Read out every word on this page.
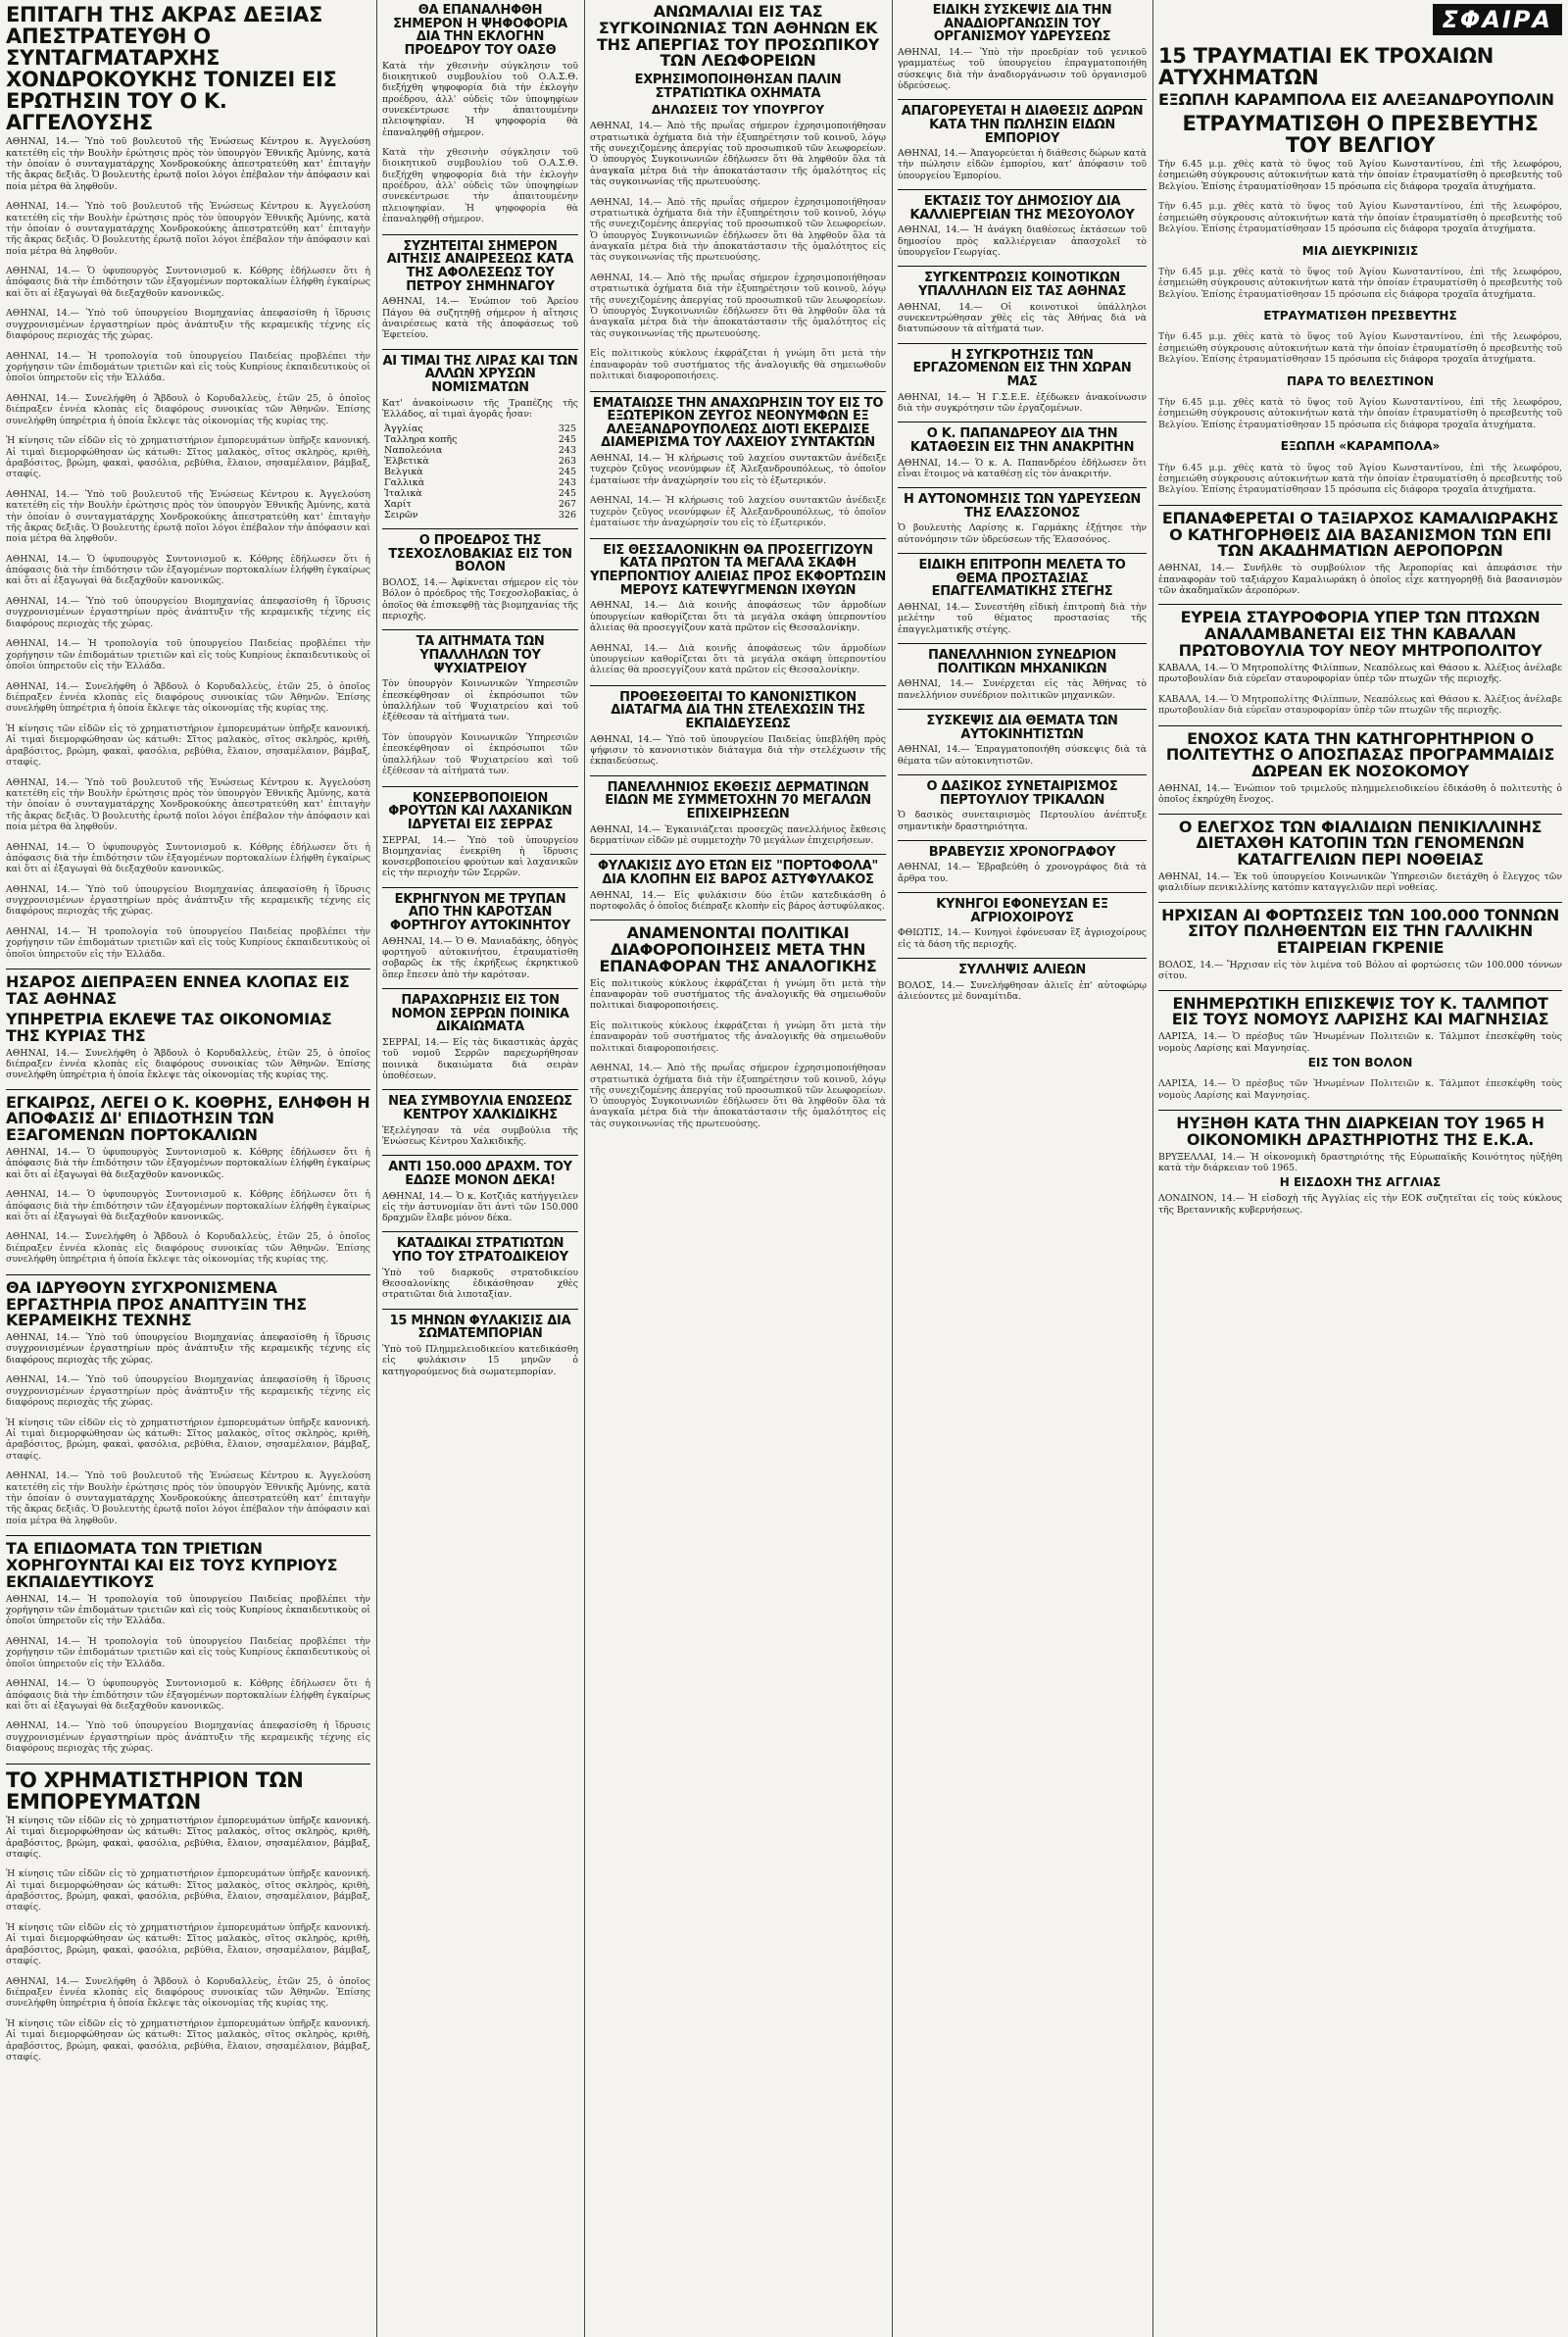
ΕΠΙΤΑΓΗ ΤΗΣ ΑΚΡΑΣ ΔΕΞΙΑΣ ΑΠΕΣΤΡΑΤΕΥΘΗ Ο ΣΥΝΤΑΓΜΑΤΑΡΧΗΣ ΧΟΝΔΡΟΚΟΥΚΗΣ ΤΟΝΙΖΕΙ ΕΙΣ ΕΡΩΤΗΣΙΝ ΤΟΥ Ο Κ. ΑΓΓΕΛΟΥΣΗΣ

ΑΘΗΝΑΙ, 14.— Ὑπὸ τοῦ βουλευτοῦ τῆς Ἑνώσεως Κέντρου κ. Ἀγγελούση κατετέθη εἰς τὴν Βουλὴν ἐρώτησις πρὸς τὸν ὑπουργὸν Ἐθνικῆς Ἀμύνης, κατὰ τὴν ὁποίαν ὁ συνταγματάρχης Χονδροκούκης ἀπεστρατεύθη κατ' ἐπιταγὴν τῆς ἄκρας δεξιᾶς. Ὁ βουλευτὴς ἐρωτᾷ ποῖοι λόγοι ἐπέβαλον τὴν ἀπόφασιν καὶ ποία μέτρα θὰ ληφθοῦν.

ΑΘΗΝΑΙ, 14.— Ὑπὸ τοῦ βουλευτοῦ τῆς Ἑνώσεως Κέντρου κ. Ἀγγελούση κατετέθη εἰς τὴν Βουλὴν ἐρώτησις πρὸς τὸν ὑπουργὸν Ἐθνικῆς Ἀμύνης, κατὰ τὴν ὁποίαν ὁ συνταγματάρχης Χονδροκούκης ἀπεστρατεύθη κατ' ἐπιταγὴν τῆς ἄκρας δεξιᾶς. Ὁ βουλευτὴς ἐρωτᾷ ποῖοι λόγοι ἐπέβαλον τὴν ἀπόφασιν καὶ ποία μέτρα θὰ ληφθοῦν.

ΑΘΗΝΑΙ, 14.— Ὁ ὑφυπουργὸς Συντονισμοῦ κ. Κόθρης ἐδήλωσεν ὅτι ἡ ἀπόφασις διὰ τὴν ἐπιδότησιν τῶν ἐξαγομένων πορτοκαλίων ἐλήφθη ἐγκαίρως καὶ ὅτι αἱ ἐξαγωγαὶ θὰ διεξαχθοῦν κανονικῶς.

ΑΘΗΝΑΙ, 14.— Ὑπὸ τοῦ ὑπουργείου Βιομηχανίας ἀπεφασίσθη ἡ ἵδρυσις συγχρονισμένων ἐργαστηρίων πρὸς ἀνάπτυξιν τῆς κεραμεικῆς τέχνης εἰς διαφόρους περιοχὰς τῆς χώρας.

ΑΘΗΝΑΙ, 14.— Ἡ τροπολογία τοῦ ὑπουργείου Παιδείας προβλέπει τὴν χορήγησιν τῶν ἐπιδομάτων τριετιῶν καὶ εἰς τοὺς Κυπρίους ἐκπαιδευτικοὺς οἱ ὁποῖοι ὑπηρετοῦν εἰς τὴν Ἑλλάδα.

ΑΘΗΝΑΙ, 14.— Συνελήφθη ὁ Ἄβδουλ ὁ Κορυδαλλεὺς, ἐτῶν 25, ὁ ὁποῖος διέπραξεν ἐννέα κλοπὰς εἰς διαφόρους συνοικίας τῶν Ἀθηνῶν. Ἐπίσης συνελήφθη ὑπηρέτρια ἡ ὁποία ἔκλεψε τὰς οἰκονομίας τῆς κυρίας της.

Ἡ κίνησις τῶν εἰδῶν εἰς τὸ χρηματιστήριον ἐμπορευμάτων ὑπῆρξε κανονική. Αἱ τιμαὶ διεμορφώθησαν ὡς κάτωθι: Σῖτος μαλακὸς, σῖτος σκληρὸς, κριθὴ, ἀραβόσιτος, βρώμη, φακαὶ, φασόλια, ρεβύθια, ἔλαιον, σησαμέλαιον, βάμβαξ, σταφίς.

ΑΘΗΝΑΙ, 14.— Ὑπὸ τοῦ βουλευτοῦ τῆς Ἑνώσεως Κέντρου κ. Ἀγγελούση κατετέθη εἰς τὴν Βουλὴν ἐρώτησις πρὸς τὸν ὑπουργὸν Ἐθνικῆς Ἀμύνης, κατὰ τὴν ὁποίαν ὁ συνταγματάρχης Χονδροκούκης ἀπεστρατεύθη κατ' ἐπιταγὴν τῆς ἄκρας δεξιᾶς. Ὁ βουλευτὴς ἐρωτᾷ ποῖοι λόγοι ἐπέβαλον τὴν ἀπόφασιν καὶ ποία μέτρα θὰ ληφθοῦν.

ΑΘΗΝΑΙ, 14.— Ὁ ὑφυπουργὸς Συντονισμοῦ κ. Κόθρης ἐδήλωσεν ὅτι ἡ ἀπόφασις διὰ τὴν ἐπιδότησιν τῶν ἐξαγομένων πορτοκαλίων ἐλήφθη ἐγκαίρως καὶ ὅτι αἱ ἐξαγωγαὶ θὰ διεξαχθοῦν κανονικῶς.

ΑΘΗΝΑΙ, 14.— Ὑπὸ τοῦ ὑπουργείου Βιομηχανίας ἀπεφασίσθη ἡ ἵδρυσις συγχρονισμένων ἐργαστηρίων πρὸς ἀνάπτυξιν τῆς κεραμεικῆς τέχνης εἰς διαφόρους περιοχὰς τῆς χώρας.

ΑΘΗΝΑΙ, 14.— Ἡ τροπολογία τοῦ ὑπουργείου Παιδείας προβλέπει τὴν χορήγησιν τῶν ἐπιδομάτων τριετιῶν καὶ εἰς τοὺς Κυπρίους ἐκπαιδευτικοὺς οἱ ὁποῖοι ὑπηρετοῦν εἰς τὴν Ἑλλάδα.

ΑΘΗΝΑΙ, 14.— Συνελήφθη ὁ Ἄβδουλ ὁ Κορυδαλλεὺς, ἐτῶν 25, ὁ ὁποῖος διέπραξεν ἐννέα κλοπὰς εἰς διαφόρους συνοικίας τῶν Ἀθηνῶν. Ἐπίσης συνελήφθη ὑπηρέτρια ἡ ὁποία ἔκλεψε τὰς οἰκονομίας τῆς κυρίας της.

Ἡ κίνησις τῶν εἰδῶν εἰς τὸ χρηματιστήριον ἐμπορευμάτων ὑπῆρξε κανονική. Αἱ τιμαὶ διεμορφώθησαν ὡς κάτωθι: Σῖτος μαλακὸς, σῖτος σκληρὸς, κριθὴ, ἀραβόσιτος, βρώμη, φακαὶ, φασόλια, ρεβύθια, ἔλαιον, σησαμέλαιον, βάμβαξ, σταφίς.

ΑΘΗΝΑΙ, 14.— Ὑπὸ τοῦ βουλευτοῦ τῆς Ἑνώσεως Κέντρου κ. Ἀγγελούση κατετέθη εἰς τὴν Βουλὴν ἐρώτησις πρὸς τὸν ὑπουργὸν Ἐθνικῆς Ἀμύνης, κατὰ τὴν ὁποίαν ὁ συνταγματάρχης Χονδροκούκης ἀπεστρατεύθη κατ' ἐπιταγὴν τῆς ἄκρας δεξιᾶς. Ὁ βουλευτὴς ἐρωτᾷ ποῖοι λόγοι ἐπέβαλον τὴν ἀπόφασιν καὶ ποία μέτρα θὰ ληφθοῦν.

ΑΘΗΝΑΙ, 14.— Ὁ ὑφυπουργὸς Συντονισμοῦ κ. Κόθρης ἐδήλωσεν ὅτι ἡ ἀπόφασις διὰ τὴν ἐπιδότησιν τῶν ἐξαγομένων πορτοκαλίων ἐλήφθη ἐγκαίρως καὶ ὅτι αἱ ἐξαγωγαὶ θὰ διεξαχθοῦν κανονικῶς.

ΑΘΗΝΑΙ, 14.— Ὑπὸ τοῦ ὑπουργείου Βιομηχανίας ἀπεφασίσθη ἡ ἵδρυσις συγχρονισμένων ἐργαστηρίων πρὸς ἀνάπτυξιν τῆς κεραμεικῆς τέχνης εἰς διαφόρους περιοχὰς τῆς χώρας.

ΑΘΗΝΑΙ, 14.— Ἡ τροπολογία τοῦ ὑπουργείου Παιδείας προβλέπει τὴν χορήγησιν τῶν ἐπιδομάτων τριετιῶν καὶ εἰς τοὺς Κυπρίους ἐκπαιδευτικοὺς οἱ ὁποῖοι ὑπηρετοῦν εἰς τὴν Ἑλλάδα.

ΗΣΑΡΟΣ ΔΙΕΠΡΑΞΕΝ ΕΝΝΕΑ ΚΛΟΠΑΣ ΕΙΣ ΤΑΣ ΑΘΗΝΑΣ
ΥΠΗΡΕΤΡΙΑ ΕΚΛΕΨΕ ΤΑΣ ΟΙΚΟΝΟΜΙΑΣ ΤΗΣ ΚΥΡΙΑΣ ΤΗΣ

ΑΘΗΝΑΙ, 14.— Συνελήφθη ὁ Ἄβδουλ ὁ Κορυδαλλεὺς, ἐτῶν 25, ὁ ὁποῖος διέπραξεν ἐννέα κλοπὰς εἰς διαφόρους συνοικίας τῶν Ἀθηνῶν. Ἐπίσης συνελήφθη ὑπηρέτρια ἡ ὁποία ἔκλεψε τὰς οἰκονομίας τῆς κυρίας της.

ΕΓΚΑΙΡΩΣ, ΛΕΓΕΙ Ο Κ. ΚΟΘΡΗΣ, ΕΛΗΦΘΗ Η ΑΠΟΦΑΣΙΣ ΔΙ' ΕΠΙΔΟΤΗΣΙΝ ΤΩΝ ΕΞΑΓΟΜΕΝΩΝ ΠΟΡΤΟΚΑΛΙΩΝ

ΑΘΗΝΑΙ, 14.— Ὁ ὑφυπουργὸς Συντονισμοῦ κ. Κόθρης ἐδήλωσεν ὅτι ἡ ἀπόφασις διὰ τὴν ἐπιδότησιν τῶν ἐξαγομένων πορτοκαλίων ἐλήφθη ἐγκαίρως καὶ ὅτι αἱ ἐξαγωγαὶ θὰ διεξαχθοῦν κανονικῶς.

ΑΘΗΝΑΙ, 14.— Ὁ ὑφυπουργὸς Συντονισμοῦ κ. Κόθρης ἐδήλωσεν ὅτι ἡ ἀπόφασις διὰ τὴν ἐπιδότησιν τῶν ἐξαγομένων πορτοκαλίων ἐλήφθη ἐγκαίρως καὶ ὅτι αἱ ἐξαγωγαὶ θὰ διεξαχθοῦν κανονικῶς.

ΑΘΗΝΑΙ, 14.— Συνελήφθη ὁ Ἄβδουλ ὁ Κορυδαλλεὺς, ἐτῶν 25, ὁ ὁποῖος διέπραξεν ἐννέα κλοπὰς εἰς διαφόρους συνοικίας τῶν Ἀθηνῶν. Ἐπίσης συνελήφθη ὑπηρέτρια ἡ ὁποία ἔκλεψε τὰς οἰκονομίας τῆς κυρίας της.

ΘΑ ΙΔΡΥΘΟΥΝ ΣΥΓΧΡΟΝΙΣΜΕΝΑ ΕΡΓΑΣΤΗΡΙΑ ΠΡΟΣ ΑΝΑΠΤΥΞΙΝ ΤΗΣ ΚΕΡΑΜΕΙΚΗΣ ΤΕΧΝΗΣ

ΑΘΗΝΑΙ, 14.— Ὑπὸ τοῦ ὑπουργείου Βιομηχανίας ἀπεφασίσθη ἡ ἵδρυσις συγχρονισμένων ἐργαστηρίων πρὸς ἀνάπτυξιν τῆς κεραμεικῆς τέχνης εἰς διαφόρους περιοχὰς τῆς χώρας.

ΑΘΗΝΑΙ, 14.— Ὑπὸ τοῦ ὑπουργείου Βιομηχανίας ἀπεφασίσθη ἡ ἵδρυσις συγχρονισμένων ἐργαστηρίων πρὸς ἀνάπτυξιν τῆς κεραμεικῆς τέχνης εἰς διαφόρους περιοχὰς τῆς χώρας.

Ἡ κίνησις τῶν εἰδῶν εἰς τὸ χρηματιστήριον ἐμπορευμάτων ὑπῆρξε κανονική. Αἱ τιμαὶ διεμορφώθησαν ὡς κάτωθι: Σῖτος μαλακὸς, σῖτος σκληρὸς, κριθὴ, ἀραβόσιτος, βρώμη, φακαὶ, φασόλια, ρεβύθια, ἔλαιον, σησαμέλαιον, βάμβαξ, σταφίς.

ΑΘΗΝΑΙ, 14.— Ὑπὸ τοῦ βουλευτοῦ τῆς Ἑνώσεως Κέντρου κ. Ἀγγελούση κατετέθη εἰς τὴν Βουλὴν ἐρώτησις πρὸς τὸν ὑπουργὸν Ἐθνικῆς Ἀμύνης, κατὰ τὴν ὁποίαν ὁ συνταγματάρχης Χονδροκούκης ἀπεστρατεύθη κατ' ἐπιταγὴν τῆς ἄκρας δεξιᾶς. Ὁ βουλευτὴς ἐρωτᾷ ποῖοι λόγοι ἐπέβαλον τὴν ἀπόφασιν καὶ ποία μέτρα θὰ ληφθοῦν.

ΤΑ ΕΠΙΔΟΜΑΤΑ ΤΩΝ ΤΡΙΕΤΙΩΝ ΧΟΡΗΓΟΥΝΤΑΙ ΚΑΙ ΕΙΣ ΤΟΥΣ ΚΥΠΡΙΟΥΣ ΕΚΠΑΙΔΕΥΤΙΚΟΥΣ

ΑΘΗΝΑΙ, 14.— Ἡ τροπολογία τοῦ ὑπουργείου Παιδείας προβλέπει τὴν χορήγησιν τῶν ἐπιδομάτων τριετιῶν καὶ εἰς τοὺς Κυπρίους ἐκπαιδευτικοὺς οἱ ὁποῖοι ὑπηρετοῦν εἰς τὴν Ἑλλάδα.

ΑΘΗΝΑΙ, 14.— Ἡ τροπολογία τοῦ ὑπουργείου Παιδείας προβλέπει τὴν χορήγησιν τῶν ἐπιδομάτων τριετιῶν καὶ εἰς τοὺς Κυπρίους ἐκπαιδευτικοὺς οἱ ὁποῖοι ὑπηρετοῦν εἰς τὴν Ἑλλάδα.

ΑΘΗΝΑΙ, 14.— Ὁ ὑφυπουργὸς Συντονισμοῦ κ. Κόθρης ἐδήλωσεν ὅτι ἡ ἀπόφασις διὰ τὴν ἐπιδότησιν τῶν ἐξαγομένων πορτοκαλίων ἐλήφθη ἐγκαίρως καὶ ὅτι αἱ ἐξαγωγαὶ θὰ διεξαχθοῦν κανονικῶς.

ΑΘΗΝΑΙ, 14.— Ὑπὸ τοῦ ὑπουργείου Βιομηχανίας ἀπεφασίσθη ἡ ἵδρυσις συγχρονισμένων ἐργαστηρίων πρὸς ἀνάπτυξιν τῆς κεραμεικῆς τέχνης εἰς διαφόρους περιοχὰς τῆς χώρας.

ΤΟ ΧΡΗΜΑΤΙΣΤΗΡΙΟΝ ΤΩΝ ΕΜΠΟΡΕΥΜΑΤΩΝ

Ἡ κίνησις τῶν εἰδῶν εἰς τὸ χρηματιστήριον ἐμπορευμάτων ὑπῆρξε κανονική. Αἱ τιμαὶ διεμορφώθησαν ὡς κάτωθι: Σῖτος μαλακὸς, σῖτος σκληρὸς, κριθὴ, ἀραβόσιτος, βρώμη, φακαὶ, φασόλια, ρεβύθια, ἔλαιον, σησαμέλαιον, βάμβαξ, σταφίς.

Ἡ κίνησις τῶν εἰδῶν εἰς τὸ χρηματιστήριον ἐμπορευμάτων ὑπῆρξε κανονική. Αἱ τιμαὶ διεμορφώθησαν ὡς κάτωθι: Σῖτος μαλακὸς, σῖτος σκληρὸς, κριθὴ, ἀραβόσιτος, βρώμη, φακαὶ, φασόλια, ρεβύθια, ἔλαιον, σησαμέλαιον, βάμβαξ, σταφίς.

Ἡ κίνησις τῶν εἰδῶν εἰς τὸ χρηματιστήριον ἐμπορευμάτων ὑπῆρξε κανονική. Αἱ τιμαὶ διεμορφώθησαν ὡς κάτωθι: Σῖτος μαλακὸς, σῖτος σκληρὸς, κριθὴ, ἀραβόσιτος, βρώμη, φακαὶ, φασόλια, ρεβύθια, ἔλαιον, σησαμέλαιον, βάμβαξ, σταφίς.

ΑΘΗΝΑΙ, 14.— Συνελήφθη ὁ Ἄβδουλ ὁ Κορυδαλλεὺς, ἐτῶν 25, ὁ ὁποῖος διέπραξεν ἐννέα κλοπὰς εἰς διαφόρους συνοικίας τῶν Ἀθηνῶν. Ἐπίσης συνελήφθη ὑπηρέτρια ἡ ὁποία ἔκλεψε τὰς οἰκονομίας τῆς κυρίας της.

Ἡ κίνησις τῶν εἰδῶν εἰς τὸ χρηματιστήριον ἐμπορευμάτων ὑπῆρξε κανονική. Αἱ τιμαὶ διεμορφώθησαν ὡς κάτωθι: Σῖτος μαλακὸς, σῖτος σκληρὸς, κριθὴ, ἀραβόσιτος, βρώμη, φακαὶ, φασόλια, ρεβύθια, ἔλαιον, σησαμέλαιον, βάμβαξ, σταφίς.

ΘΑ ΕΠΑΝΑΛΗΦΘΗ ΣΗΜΕΡΟΝ Η ΨΗΦΟΦΟΡΙΑ ΔΙΑ ΤΗΝ ΕΚΛΟΓΗΝ ΠΡΟΕΔΡΟΥ ΤΟΥ ΟΑΣΘ

Κατὰ τὴν χθεσινὴν σύγκλησιν τοῦ διοικητικοῦ συμβουλίου τοῦ Ο.Α.Σ.Θ. διεξήχθη ψηφοφορία διὰ τὴν ἐκλογὴν προέδρου, ἀλλ' οὐδεὶς τῶν ὑποψηφίων συνεκέντρωσε τὴν ἀπαιτουμένην πλειοψηφίαν. Ἡ ψηφοφορία θὰ ἐπαναληφθῇ σήμερον.

Κατὰ τὴν χθεσινὴν σύγκλησιν τοῦ διοικητικοῦ συμβουλίου τοῦ Ο.Α.Σ.Θ. διεξήχθη ψηφοφορία διὰ τὴν ἐκλογὴν προέδρου, ἀλλ' οὐδεὶς τῶν ὑποψηφίων συνεκέντρωσε τὴν ἀπαιτουμένην πλειοψηφίαν. Ἡ ψηφοφορία θὰ ἐπαναληφθῇ σήμερον.

ΣΥΖΗΤΕΙΤΑΙ ΣΗΜΕΡΟΝ ΑΙΤΗΣΙΣ ΑΝΑΙΡΕΣΕΩΣ ΚΑΤΑ ΤΗΣ ΑΦΟΛΕΣΕΩΣ ΤΟΥ ΠΕΤΡΟΥ ΣΗΜΗΝΑΓΟΥ

ΑΘΗΝΑΙ, 14.— Ἐνώπιον τοῦ Ἀρείου Πάγου θὰ συζητηθῇ σήμερον ἡ αἴτησις ἀναιρέσεως κατὰ τῆς ἀποφάσεως τοῦ Ἐφετείου.

ΑΙ ΤΙΜΑΙ ΤΗΣ ΛΙΡΑΣ ΚΑΙ ΤΩΝ ΑΛΛΩΝ ΧΡΥΣΩΝ ΝΟΜΙΣΜΑΤΩΝ

Κατ' ἀνακοίνωσιν τῆς Τραπέζης τῆς Ἑλλάδος, αἱ τιμαὶ ἀγορᾶς ἦσαν:

Ἀγγλίας	325
Ταλληρα κοπῆς	245
Ναπολεόνια	243
Ἑλβετικὰ	263
Βελγικὰ	245
Γαλλικὰ	243
Ἰταλικὰ	245
Χαρίτ	267
Σειρῶν	326
Ο ΠΡΟΕΔΡΟΣ ΤΗΣ ΤΣΕΧΟΣΛΟΒΑΚΙΑΣ ΕΙΣ ΤΟΝ ΒΟΛΟΝ

ΒΟΛΟΣ, 14.— Ἀφίκνεται σήμερον εἰς τὸν Βόλον ὁ πρόεδρος τῆς Τσεχοσλοβακίας, ὁ ὁποῖος θὰ ἐπισκεφθῇ τὰς βιομηχανίας τῆς περιοχῆς.

ΤΑ ΑΙΤΗΜΑΤΑ ΤΩΝ ΥΠΑΛΛΗΛΩΝ ΤΟΥ ΨΥΧΙΑΤΡΕΙΟΥ

Τὸν ὑπουργὸν Κοινωνικῶν Ὑπηρεσιῶν ἐπεσκέφθησαν οἱ ἐκπρόσωποι τῶν ὑπαλλήλων τοῦ Ψυχιατρείου καὶ τοῦ ἐξέθεσαν τὰ αἰτήματά των.

Τὸν ὑπουργὸν Κοινωνικῶν Ὑπηρεσιῶν ἐπεσκέφθησαν οἱ ἐκπρόσωποι τῶν ὑπαλλήλων τοῦ Ψυχιατρείου καὶ τοῦ ἐξέθεσαν τὰ αἰτήματά των.

ΚΟΝΣΕΡΒΟΠΟΙΕΙΟΝ ΦΡΟΥΤΩΝ ΚΑΙ ΛΑΧΑΝΙΚΩΝ ΙΔΡΥΕΤΑΙ ΕΙΣ ΣΕΡΡΑΣ

ΣΕΡΡΑΙ, 14.— Ὑπὸ τοῦ ὑπουργείου Βιομηχανίας ἐνεκρίθη ἡ ἵδρυσις κονσερβοποιείου φρούτων καὶ λαχανικῶν εἰς τὴν περιοχὴν τῶν Σερρῶν.

ΕΚΡΗΓΝΥΟΝ ΜΕ ΤΡΥΠΑΝ ΑΠΟ ΤΗΝ ΚΑΡΟΤΣΑΝ ΦΟΡΤΗΓΟΥ ΑΥΤΟΚΙΝΗΤΟΥ

ΑΘΗΝΑΙ, 14.— Ὁ Θ. Μανιαδάκης, ὁδηγὸς φορτηγοῦ αὐτοκινήτου, ἐτραυματίσθη σοβαρῶς ἐκ τῆς ἐκρήξεως ἐκρηκτικοῦ ὅπερ ἔπεσεν ἀπὸ τὴν καρότσαν.

ΠΑΡΑΧΩΡΗΣΙΣ ΕΙΣ ΤΟΝ ΝΟΜΟΝ ΣΕΡΡΩΝ ΠΟΙΝΙΚΑ ΔΙΚΑΙΩΜΑΤΑ

ΣΕΡΡΑΙ, 14.— Εἰς τὰς δικαστικὰς ἀρχὰς τοῦ νομοῦ Σερρῶν παρεχωρήθησαν ποινικὰ δικαιώματα διὰ σειρὰν ὑποθέσεων.

ΝΕΑ ΣΥΜΒΟΥΛΙΑ ΕΝΩΣΕΩΣ ΚΕΝΤΡΟΥ ΧΑΛΚΙΔΙΚΗΣ

Ἐξελέγησαν τὰ νέα συμβούλια τῆς Ἑνώσεως Κέντρου Χαλκιδικῆς.

ΑΝΤΙ 150.000 ΔΡΑΧΜ. ΤΟΥ ΕΔΩΣΕ ΜΟΝΟΝ ΔΕΚΑ!

ΑΘΗΝΑΙ, 14.— Ὁ κ. Κοτζιᾶς κατήγγειλεν εἰς τὴν ἀστυνομίαν ὅτι ἀντὶ τῶν 150.000 δραχμῶν ἔλαβε μόνον δέκα.

ΚΑΤΑΔΙΚΑΙ ΣΤΡΑΤΙΩΤΩΝ ΥΠΟ ΤΟΥ ΣΤΡΑΤΟΔΙΚΕΙΟΥ

Ὑπὸ τοῦ διαρκοῦς στρατοδικείου Θεσσαλονίκης ἐδικάσθησαν χθὲς στρατιῶται διὰ λιποταξίαν.

15 ΜΗΝΩΝ ΦΥΛΑΚΙΣΙΣ ΔΙΑ ΣΩΜΑΤΕΜΠΟΡΙΑΝ

Ὑπὸ τοῦ Πλημμελειοδικείου κατεδικάσθη εἰς φυλάκισιν 15 μηνῶν ὁ κατηγορούμενος διὰ σωματεμπορίαν.

ΑΝΩΜΑΛΙΑΙ ΕΙΣ ΤΑΣ ΣΥΓΚΟΙΝΩΝΙΑΣ ΤΩΝ ΑΘΗΝΩΝ ΕΚ ΤΗΣ ΑΠΕΡΓΙΑΣ ΤΟΥ ΠΡΟΣΩΠΙΚΟΥ ΤΩΝ ΛΕΩΦΟΡΕΙΩΝ
ΕΧΡΗΣΙΜΟΠΟΙΗΘΗΣΑΝ ΠΑΛΙΝ ΣΤΡΑΤΙΩΤΙΚΑ ΟΧΗΜΑΤΑ
ΔΗΛΩΣΕΙΣ ΤΟΥ ΥΠΟΥΡΓΟΥ

ΑΘΗΝΑΙ, 14.— Ἀπὸ τῆς πρωΐας σήμερον ἐχρησιμοποιήθησαν στρατιωτικὰ ὀχήματα διὰ τὴν ἐξυπηρέτησιν τοῦ κοινοῦ, λόγῳ τῆς συνεχιζομένης ἀπεργίας τοῦ προσωπικοῦ τῶν λεωφορείων. Ὁ ὑπουργὸς Συγκοινωνιῶν ἐδήλωσεν ὅτι θὰ ληφθοῦν ὅλα τὰ ἀναγκαῖα μέτρα διὰ τὴν ἀποκατάστασιν τῆς ὁμαλότητος εἰς τὰς συγκοινωνίας τῆς πρωτευούσης.

ΑΘΗΝΑΙ, 14.— Ἀπὸ τῆς πρωΐας σήμερον ἐχρησιμοποιήθησαν στρατιωτικὰ ὀχήματα διὰ τὴν ἐξυπηρέτησιν τοῦ κοινοῦ, λόγῳ τῆς συνεχιζομένης ἀπεργίας τοῦ προσωπικοῦ τῶν λεωφορείων. Ὁ ὑπουργὸς Συγκοινωνιῶν ἐδήλωσεν ὅτι θὰ ληφθοῦν ὅλα τὰ ἀναγκαῖα μέτρα διὰ τὴν ἀποκατάστασιν τῆς ὁμαλότητος εἰς τὰς συγκοινωνίας τῆς πρωτευούσης.

ΑΘΗΝΑΙ, 14.— Ἀπὸ τῆς πρωΐας σήμερον ἐχρησιμοποιήθησαν στρατιωτικὰ ὀχήματα διὰ τὴν ἐξυπηρέτησιν τοῦ κοινοῦ, λόγῳ τῆς συνεχιζομένης ἀπεργίας τοῦ προσωπικοῦ τῶν λεωφορείων. Ὁ ὑπουργὸς Συγκοινωνιῶν ἐδήλωσεν ὅτι θὰ ληφθοῦν ὅλα τὰ ἀναγκαῖα μέτρα διὰ τὴν ἀποκατάστασιν τῆς ὁμαλότητος εἰς τὰς συγκοινωνίας τῆς πρωτευούσης.

Εἰς πολιτικοὺς κύκλους ἐκφράζεται ἡ γνώμη ὅτι μετὰ τὴν ἐπαναφορὰν τοῦ συστήματος τῆς ἀναλογικῆς θὰ σημειωθοῦν πολιτικαὶ διαφοροποιήσεις.

ΕΜΑΤΑΙΩΣΕ ΤΗΝ ΑΝΑΧΩΡΗΣΙΝ ΤΟΥ ΕΙΣ ΤΟ ΕΞΩΤΕΡΙΚΟΝ ΖΕΥΓΟΣ ΝΕΟΝΥΜΦΩΝ ΕΞ ΑΛΕΞΑΝΔΡΟΥΠΟΛΕΩΣ ΔΙΟΤΙ ΕΚΕΡΔΙΣΕ ΔΙΑΜΕΡΙΣΜΑ ΤΟΥ ΛΑΧΕΙΟΥ ΣΥΝΤΑΚΤΩΝ

ΑΘΗΝΑΙ, 14.— Ἡ κλήρωσις τοῦ λαχείου συντακτῶν ἀνέδειξε τυχερὸν ζεῦγος νεονύμφων ἐξ Ἀλεξανδρουπόλεως, τὸ ὁποῖον ἐματαίωσε τὴν ἀναχώρησίν του εἰς τὸ ἐξωτερικόν.

ΑΘΗΝΑΙ, 14.— Ἡ κλήρωσις τοῦ λαχείου συντακτῶν ἀνέδειξε τυχερὸν ζεῦγος νεονύμφων ἐξ Ἀλεξανδρουπόλεως, τὸ ὁποῖον ἐματαίωσε τὴν ἀναχώρησίν του εἰς τὸ ἐξωτερικόν.

ΕΙΣ ΘΕΣΣΑΛΟΝΙΚΗΝ ΘΑ ΠΡΟΣΕΓΓΙΖΟΥΝ ΚΑΤΑ ΠΡΩΤΟΝ ΤΑ ΜΕΓΑΛΑ ΣΚΑΦΗ ΥΠΕΡΠΟΝΤΙΟΥ ΑΛΙΕΙΑΣ ΠΡΟΣ ΕΚΦΟΡΤΩΣΙΝ ΜΕΡΟΥΣ ΚΑΤΕΨΥΓΜΕΝΩΝ ΙΧΘΥΩΝ

ΑΘΗΝΑΙ, 14.— Διὰ κοινῆς ἀποφάσεως τῶν ἁρμοδίων ὑπουργείων καθορίζεται ὅτι τὰ μεγάλα σκάφη ὑπερποντίου ἁλιείας θὰ προσεγγίζουν κατὰ πρῶτον εἰς Θεσσαλονίκην.

ΑΘΗΝΑΙ, 14.— Διὰ κοινῆς ἀποφάσεως τῶν ἁρμοδίων ὑπουργείων καθορίζεται ὅτι τὰ μεγάλα σκάφη ὑπερποντίου ἁλιείας θὰ προσεγγίζουν κατὰ πρῶτον εἰς Θεσσαλονίκην.

ΠΡΟΘΕΣΘΕΙΤΑΙ ΤΟ ΚΑΝΟΝΙΣΤΙΚΟΝ ΔΙΑΤΑΓΜΑ ΔΙΑ ΤΗΝ ΣΤΕΛΕΧΩΣΙΝ ΤΗΣ ΕΚΠΑΙΔΕΥΣΕΩΣ

ΑΘΗΝΑΙ, 14.— Ὑπὸ τοῦ ὑπουργείου Παιδείας ὑπεβλήθη πρὸς ψήφισιν τὸ κανονιστικὸν διάταγμα διὰ τὴν στελέχωσιν τῆς ἐκπαιδεύσεως.

ΠΑΝΕΛΛΗΝΙΟΣ ΕΚΘΕΣΙΣ ΔΕΡΜΑΤΙΝΩΝ ΕΙΔΩΝ ΜΕ ΣΥΜΜΕΤΟΧΗΝ 70 ΜΕΓΑΛΩΝ ΕΠΙΧΕΙΡΗΣΕΩΝ

ΑΘΗΝΑΙ, 14.— Ἐγκαινιάζεται προσεχῶς πανελλήνιος ἔκθεσις δερματίνων εἰδῶν μὲ συμμετοχὴν 70 μεγάλων ἐπιχειρήσεων.

ΦΥΛΑΚΙΣΙΣ ΔΥΟ ΕΤΩΝ ΕΙΣ "ΠΟΡΤΟΦΟΛΑ" ΔΙΑ ΚΛΟΠΗΝ ΕΙΣ ΒΑΡΟΣ ΑΣΤΥΦΥΛΑΚΟΣ

ΑΘΗΝΑΙ, 14.— Εἰς φυλάκισιν δύο ἐτῶν κατεδικάσθη ὁ πορτοφολᾶς ὁ ὁποῖος διέπραξε κλοπὴν εἰς βάρος ἀστυφύλακος.

ΑΝΑΜΕΝΟΝΤΑΙ ΠΟΛΙΤΙΚΑΙ ΔΙΑΦΟΡΟΠΟΙΗΣΕΙΣ ΜΕΤΑ ΤΗΝ ΕΠΑΝΑΦΟΡΑΝ ΤΗΣ ΑΝΑΛΟΓΙΚΗΣ

Εἰς πολιτικοὺς κύκλους ἐκφράζεται ἡ γνώμη ὅτι μετὰ τὴν ἐπαναφορὰν τοῦ συστήματος τῆς ἀναλογικῆς θὰ σημειωθοῦν πολιτικαὶ διαφοροποιήσεις.

Εἰς πολιτικοὺς κύκλους ἐκφράζεται ἡ γνώμη ὅτι μετὰ τὴν ἐπαναφορὰν τοῦ συστήματος τῆς ἀναλογικῆς θὰ σημειωθοῦν πολιτικαὶ διαφοροποιήσεις.

ΑΘΗΝΑΙ, 14.— Ἀπὸ τῆς πρωΐας σήμερον ἐχρησιμοποιήθησαν στρατιωτικὰ ὀχήματα διὰ τὴν ἐξυπηρέτησιν τοῦ κοινοῦ, λόγῳ τῆς συνεχιζομένης ἀπεργίας τοῦ προσωπικοῦ τῶν λεωφορείων. Ὁ ὑπουργὸς Συγκοινωνιῶν ἐδήλωσεν ὅτι θὰ ληφθοῦν ὅλα τὰ ἀναγκαῖα μέτρα διὰ τὴν ἀποκατάστασιν τῆς ὁμαλότητος εἰς τὰς συγκοινωνίας τῆς πρωτευούσης.

ΕΙΔΙΚΗ ΣΥΣΚΕΨΙΣ ΔΙΑ ΤΗΝ ΑΝΑΔΙΟΡΓΑΝΩΣΙΝ ΤΟΥ ΟΡΓΑΝΙΣΜΟΥ ΥΔΡΕΥΣΕΩΣ

ΑΘΗΝΑΙ, 14.— Ὑπὸ τὴν προεδρίαν τοῦ γενικοῦ γραμματέως τοῦ ὑπουργείου ἐπραγματοποιήθη σύσκεψις διὰ τὴν ἀναδιοργάνωσιν τοῦ ὀργανισμοῦ ὑδρεύσεως.

ΑΠΑΓΟΡΕΥΕΤΑΙ Η ΔΙΑΘΕΣΙΣ ΔΩΡΩΝ ΚΑΤΑ ΤΗΝ ΠΩΛΗΣΙΝ ΕΙΔΩΝ ΕΜΠΟΡΙΟΥ

ΑΘΗΝΑΙ, 14.— Ἀπαγορεύεται ἡ διάθεσις δώρων κατὰ τὴν πώλησιν εἰδῶν ἐμπορίου, κατ' ἀπόφασιν τοῦ ὑπουργείου Ἐμπορίου.

ΕΚΤΑΣΙΣ ΤΟΥ ΔΗΜΟΣΙΟΥ ΔΙΑ ΚΑΛΛΙΕΡΓΕΙΑΝ ΤΗΣ ΜΕΣΟΥΟΛΟΥ

ΑΘΗΝΑΙ, 14.— Ἡ ἀνάγκη διαθέσεως ἐκτάσεων τοῦ δημοσίου πρὸς καλλιέργειαν ἀπασχολεῖ τὸ ὑπουργεῖον Γεωργίας.

ΣΥΓΚΕΝΤΡΩΣΙΣ ΚΟΙΝΟΤΙΚΩΝ ΥΠΑΛΛΗΛΩΝ ΕΙΣ ΤΑΣ ΑΘΗΝΑΣ

ΑΘΗΝΑΙ, 14.— Οἱ κοινοτικοὶ ὑπάλληλοι συνεκεντρώθησαν χθὲς εἰς τὰς Ἀθήνας διὰ νὰ διατυπώσουν τὰ αἰτήματά των.

Η ΣΥΓΚΡΟΤΗΣΙΣ ΤΩΝ ΕΡΓΑΖΟΜΕΝΩΝ ΕΙΣ ΤΗΝ ΧΩΡΑΝ ΜΑΣ

ΑΘΗΝΑΙ, 14.— Ἡ Γ.Σ.Ε.Ε. ἐξέδωκεν ἀνακοίνωσιν διὰ τὴν συγκρότησιν τῶν ἐργαζομένων.

Ο Κ. ΠΑΠΑΝΔΡΕΟΥ ΔΙΑ ΤΗΝ ΚΑΤΑΘΕΣΙΝ ΕΙΣ ΤΗΝ ΑΝΑΚΡΙΤΗΝ

ΑΘΗΝΑΙ, 14.— Ὁ κ. Α. Παπανδρέου ἐδήλωσεν ὅτι εἶναι ἕτοιμος νὰ καταθέσῃ εἰς τὸν ἀνακριτήν.

Η ΑΥΤΟΝΟΜΗΣΙΣ ΤΩΝ ΥΔΡΕΥΣΕΩΝ ΤΗΣ ΕΛΑΣΣΟΝΟΣ

Ὁ βουλευτὴς Λαρίσης κ. Γαρμάκης ἐξῄτησε τὴν αὐτονόμησιν τῶν ὑδρεύσεων τῆς Ἐλασσόνος.

ΕΙΔΙΚΗ ΕΠΙΤΡΟΠΗ ΜΕΛΕΤΑ ΤΟ ΘΕΜΑ ΠΡΟΣΤΑΣΙΑΣ ΕΠΑΓΓΕΛΜΑΤΙΚΗΣ ΣΤΕΓΗΣ

ΑΘΗΝΑΙ, 14.— Συνεστήθη εἰδικὴ ἐπιτροπὴ διὰ τὴν μελέτην τοῦ θέματος προστασίας τῆς ἐπαγγελματικῆς στέγης.

ΠΑΝΕΛΛΗΝΙΟΝ ΣΥΝΕΔΡΙΟΝ ΠΟΛΙΤΙΚΩΝ ΜΗΧΑΝΙΚΩΝ

ΑΘΗΝΑΙ, 14.— Συνέρχεται εἰς τὰς Ἀθήνας τὸ πανελλήνιον συνέδριον πολιτικῶν μηχανικῶν.

ΣΥΣΚΕΨΙΣ ΔΙΑ ΘΕΜΑΤΑ ΤΩΝ ΑΥΤΟΚΙΝΗΤΙΣΤΩΝ

ΑΘΗΝΑΙ, 14.— Ἐπραγματοποιήθη σύσκεψις διὰ τὰ θέματα τῶν αὐτοκινητιστῶν.

Ο ΔΑΣΙΚΟΣ ΣΥΝΕΤΑΙΡΙΣΜΟΣ ΠΕΡΤΟΥΛΙΟΥ ΤΡΙΚΑΛΩΝ

Ὁ δασικὸς συνεταιρισμὸς Περτουλίου ἀνέπτυξε σημαντικὴν δραστηριότητα.

ΒΡΑΒΕΥΣΙΣ ΧΡΟΝΟΓΡΑΦΟΥ

ΑΘΗΝΑΙ, 14.— Ἐβραβεύθη ὁ χρονογράφος διὰ τὰ ἄρθρα του.

ΚΥΝΗΓΟΙ ΕΦΟΝΕΥΣΑΝ ΕΞ ΑΓΡΙΟΧΟΙΡΟΥΣ

ΦΘΙΩΤΙΣ, 14.— Κυνηγοὶ ἐφόνευσαν ἓξ ἀγριοχοίρους εἰς τὰ δάση τῆς περιοχῆς.

ΣΥΛΛΗΨΙΣ ΑΛΙΕΩΝ

ΒΟΛΟΣ, 14.— Συνελήφθησαν ἁλιεῖς ἐπ' αὐτοφώρῳ ἁλιεύοντες μὲ δυναμίτιδα.

ΣΦΑΙΡΑ
15 ΤΡΑΥΜΑΤΙΑΙ ΕΚ ΤΡΟΧΑΙΩΝ ΑΤΥΧΗΜΑΤΩΝ
ΕΞΩΠΛΗ ΚΑΡΑΜΠΟΛΑ ΕΙΣ ΑΛΕΞΑΝΔΡΟΥΠΟΛΙΝ
ΕΤΡΑΥΜΑΤΙΣΘΗ Ο ΠΡΕΣΒΕΥΤΗΣ ΤΟΥ ΒΕΛΓΙΟΥ

Τὴν 6.45 μ.μ. χθὲς κατὰ τὸ ὕψος τοῦ Ἁγίου Κωνσταντίνου, ἐπὶ τῆς λεωφόρου, ἐσημειώθη σύγκρουσις αὐτοκινήτων κατὰ τὴν ὁποίαν ἐτραυματίσθη ὁ πρεσβευτὴς τοῦ Βελγίου. Ἐπίσης ἐτραυματίσθησαν 15 πρόσωπα εἰς διάφορα τροχαῖα ἀτυχήματα.

Τὴν 6.45 μ.μ. χθὲς κατὰ τὸ ὕψος τοῦ Ἁγίου Κωνσταντίνου, ἐπὶ τῆς λεωφόρου, ἐσημειώθη σύγκρουσις αὐτοκινήτων κατὰ τὴν ὁποίαν ἐτραυματίσθη ὁ πρεσβευτὴς τοῦ Βελγίου. Ἐπίσης ἐτραυματίσθησαν 15 πρόσωπα εἰς διάφορα τροχαῖα ἀτυχήματα.

ΜΙΑ ΔΙΕΥΚΡΙΝΙΣΙΣ

Τὴν 6.45 μ.μ. χθὲς κατὰ τὸ ὕψος τοῦ Ἁγίου Κωνσταντίνου, ἐπὶ τῆς λεωφόρου, ἐσημειώθη σύγκρουσις αὐτοκινήτων κατὰ τὴν ὁποίαν ἐτραυματίσθη ὁ πρεσβευτὴς τοῦ Βελγίου. Ἐπίσης ἐτραυματίσθησαν 15 πρόσωπα εἰς διάφορα τροχαῖα ἀτυχήματα.

ΕΤΡΑΥΜΑΤΙΣΘΗ ΠΡΕΣΒΕΥΤΗΣ

Τὴν 6.45 μ.μ. χθὲς κατὰ τὸ ὕψος τοῦ Ἁγίου Κωνσταντίνου, ἐπὶ τῆς λεωφόρου, ἐσημειώθη σύγκρουσις αὐτοκινήτων κατὰ τὴν ὁποίαν ἐτραυματίσθη ὁ πρεσβευτὴς τοῦ Βελγίου. Ἐπίσης ἐτραυματίσθησαν 15 πρόσωπα εἰς διάφορα τροχαῖα ἀτυχήματα.

ΠΑΡΑ ΤΟ ΒΕΛΕΣΤΙΝΟΝ

Τὴν 6.45 μ.μ. χθὲς κατὰ τὸ ὕψος τοῦ Ἁγίου Κωνσταντίνου, ἐπὶ τῆς λεωφόρου, ἐσημειώθη σύγκρουσις αὐτοκινήτων κατὰ τὴν ὁποίαν ἐτραυματίσθη ὁ πρεσβευτὴς τοῦ Βελγίου. Ἐπίσης ἐτραυματίσθησαν 15 πρόσωπα εἰς διάφορα τροχαῖα ἀτυχήματα.

ΕΞΩΠΛΗ «ΚΑΡΑΜΠΟΛΑ»

Τὴν 6.45 μ.μ. χθὲς κατὰ τὸ ὕψος τοῦ Ἁγίου Κωνσταντίνου, ἐπὶ τῆς λεωφόρου, ἐσημειώθη σύγκρουσις αὐτοκινήτων κατὰ τὴν ὁποίαν ἐτραυματίσθη ὁ πρεσβευτὴς τοῦ Βελγίου. Ἐπίσης ἐτραυματίσθησαν 15 πρόσωπα εἰς διάφορα τροχαῖα ἀτυχήματα.

ΕΠΑΝΑΦΕΡΕΤΑΙ Ο ΤΑΞΙΑΡΧΟΣ ΚΑΜΑΛΙΩΡΑΚΗΣ Ο ΚΑΤΗΓΟΡΗΘΕΙΣ ΔΙΑ ΒΑΣΑΝΙΣΜΟΝ ΤΩΝ ΕΠΙ ΤΩΝ ΑΚΑΔΗΜΑΤΙΩΝ ΑΕΡΟΠΟΡΩΝ

ΑΘΗΝΑΙ, 14.— Συνῆλθε τὸ συμβούλιον τῆς Ἀεροπορίας καὶ ἀπεφάσισε τὴν ἐπαναφορὰν τοῦ ταξιάρχου Καμαλιωράκη ὁ ὁποῖος εἶχε κατηγορηθῇ διὰ βασανισμὸν τῶν ἀκαδημαϊκῶν ἀεροπόρων.

ΕΥΡΕΙΑ ΣΤΑΥΡΟΦΟΡΙΑ ΥΠΕΡ ΤΩΝ ΠΤΩΧΩΝ ΑΝΑΛΑΜΒΑΝΕΤΑΙ ΕΙΣ ΤΗΝ ΚΑΒΑΛΑΝ ΠΡΩΤΟΒΟΥΛΙΑ ΤΟΥ ΝΕΟΥ ΜΗΤΡΟΠΟΛΙΤΟΥ

ΚΑΒΑΛΑ, 14.— Ὁ Μητροπολίτης Φιλίππων, Νεαπόλεως καὶ Θάσου κ. Ἀλέξιος ἀνέλαβε πρωτοβουλίαν διὰ εὐρεῖαν σταυροφορίαν ὑπὲρ τῶν πτωχῶν τῆς περιοχῆς.

ΚΑΒΑΛΑ, 14.— Ὁ Μητροπολίτης Φιλίππων, Νεαπόλεως καὶ Θάσου κ. Ἀλέξιος ἀνέλαβε πρωτοβουλίαν διὰ εὐρεῖαν σταυροφορίαν ὑπὲρ τῶν πτωχῶν τῆς περιοχῆς.

ΕΝΟΧΟΣ ΚΑΤΑ ΤΗΝ ΚΑΤΗΓΟΡΗΤΗΡΙΟΝ Ο ΠΟΛΙΤΕΥΤΗΣ Ο ΑΠΟΣΠΑΣΑΣ ΠΡΟΓΡΑΜΜΑΙΔΙΣ ΔΩΡΕΑΝ ΕΚ ΝΟΣΟΚΟΜΟΥ

ΑΘΗΝΑΙ, 14.— Ἐνώπιον τοῦ τριμελοῦς πλημμελειοδικείου ἐδικάσθη ὁ πολιτευτὴς ὁ ὁποῖος ἐκηρύχθη ἔνοχος.

Ο ΕΛΕΓΧΟΣ ΤΩΝ ΦΙΑΛΙΔΙΩΝ ΠΕΝΙΚΙΛΛΙΝΗΣ ΔΙΕΤΑΧΘΗ ΚΑΤΟΠΙΝ ΤΩΝ ΓΕΝΟΜΕΝΩΝ ΚΑΤΑΓΓΕΛΙΩΝ ΠΕΡΙ ΝΟΘΕΙΑΣ

ΑΘΗΝΑΙ, 14.— Ἐκ τοῦ ὑπουργείου Κοινωνικῶν Ὑπηρεσιῶν διετάχθη ὁ ἔλεγχος τῶν φιαλιδίων πενικιλλίνης κατόπιν καταγγελιῶν περὶ νοθείας.

ΗΡΧΙΣΑΝ ΑΙ ΦΟΡΤΩΣΕΙΣ ΤΩΝ 100.000 ΤΟΝΝΩΝ ΣΙΤΟΥ ΠΩΛΗΘΕΝΤΩΝ ΕΙΣ ΤΗΝ ΓΑΛΛΙΚΗΝ ΕΤΑΙΡΕΙΑΝ ΓΚΡΕΝΙΕ

ΒΟΛΟΣ, 14.— Ἤρχισαν εἰς τὸν λιμένα τοῦ Βόλου αἱ φορτώσεις τῶν 100.000 τόννων σίτου.

ΕΝΗΜΕΡΩΤΙΚΗ ΕΠΙΣΚΕΨΙΣ ΤΟΥ Κ. ΤΑΛΜΠΟΤ ΕΙΣ ΤΟΥΣ ΝΟΜΟΥΣ ΛΑΡΙΣΗΣ ΚΑΙ ΜΑΓΝΗΣΙΑΣ

ΛΑΡΙΣΑ, 14.— Ὁ πρέσβυς τῶν Ἡνωμένων Πολιτειῶν κ. Τάλμποτ ἐπεσκέφθη τοὺς νομοὺς Λαρίσης καὶ Μαγνησίας.

ΕΙΣ ΤΟΝ ΒΟΛΟΝ

ΛΑΡΙΣΑ, 14.— Ὁ πρέσβυς τῶν Ἡνωμένων Πολιτειῶν κ. Τάλμποτ ἐπεσκέφθη τοὺς νομοὺς Λαρίσης καὶ Μαγνησίας.

ΗΥΞΗΘΗ ΚΑΤΑ ΤΗΝ ΔΙΑΡΚΕΙΑΝ ΤΟΥ 1965 Η ΟΙΚΟΝΟΜΙΚΗ ΔΡΑΣΤΗΡΙΟΤΗΣ ΤΗΣ Ε.Κ.Α.

ΒΡΥΞΕΛΛΑΙ, 14.— Ἡ οἰκονομικὴ δραστηριότης τῆς Εὐρωπαϊκῆς Κοινότητος ηὐξήθη κατὰ τὴν διάρκειαν τοῦ 1965.

Η ΕΙΣΔΟΧΗ ΤΗΣ ΑΓΓΛΙΑΣ

ΛΟΝΔΙΝΟΝ, 14.— Ἡ εἰσδοχὴ τῆς Ἀγγλίας εἰς τὴν ΕΟΚ συζητεῖται εἰς τοὺς κύκλους τῆς Βρεταννικῆς κυβερνήσεως.
